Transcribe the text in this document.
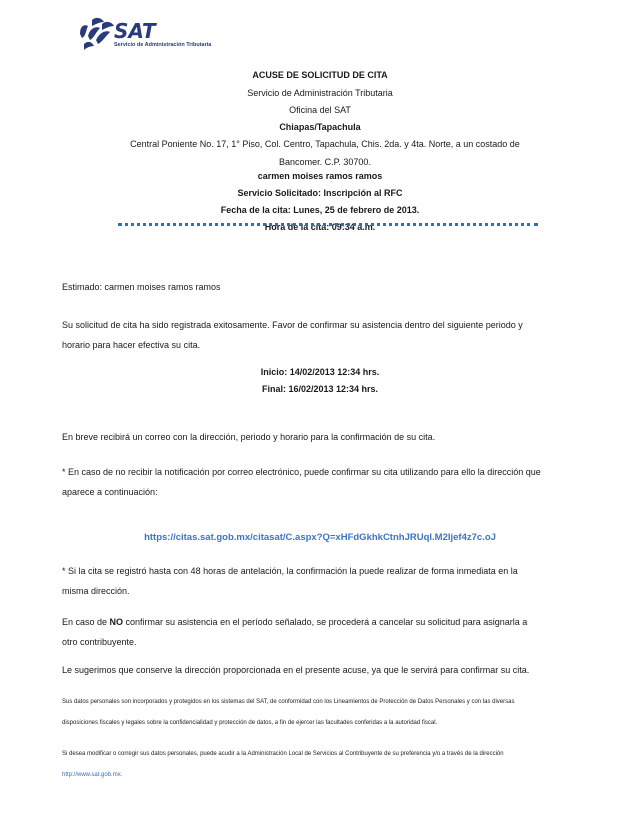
SAT
Servicio de Administración Tributaria
ACUSE DE SOLICITUD DE CITA
Servicio de Administración Tributaria
Oficina del SAT
Chiapas/Tapachula
Central Poniente No. 17, 1° Piso, Col. Centro, Tapachula, Chis. 2da. y 4ta. Norte, a un costado de Bancomer. C.P. 30700.
carmen moises ramos ramos
Servicio Solicitado: Inscripción al RFC
Fecha de la cita: Lunes, 25 de febrero de 2013.
Hora de la cita: 09:34 a.m.
Estimado: carmen moises ramos ramos
Su solicitud de cita ha sido registrada exitosamente. Favor de confirmar su asistencia dentro del siguiente periodo y horario para hacer efectiva su cita.
Inicio: 14/02/2013 12:34 hrs.
Final: 16/02/2013 12:34 hrs.
En breve recibirá un correo con la dirección, periodo y horario para la confirmación de su cita.
* En caso de no recibir la notificación por correo electrónico, puede confirmar su cita utilizando para ello la dirección que aparece a continuación:
https://citas.sat.gob.mx/citasat/C.aspx?Q=xHFdGkhkCtnhJRUql.M2Ijef4z7c.oJ
* Si la cita se registró hasta con 48 horas de antelación, la confirmación la puede realizar de forma inmediata en la misma dirección.
En caso de NO confirmar su asistencia en el período señalado, se procederá a cancelar su solicitud para asignarla a otro contribuyente.
Le sugerimos que conserve la dirección proporcionada en el presente acuse, ya que le servirá para confirmar su cita.
Sus datos personales son incorporados y protegidos en los sistemas del SAT, de conformidad con los Lineamientos de Protección de Datos Personales y con las diversas disposiciones fiscales y legales sobre la confidencialidad y protección de datos, a fin de ejercer las facultades conferidas a la autoridad fiscal.
Si desea modificar o corregir sus datos personales, puede acudir a la Administración Local de Servicios al Contribuyente de su preferencia y/o a través de la dirección
http://www.sat.gob.mx.
